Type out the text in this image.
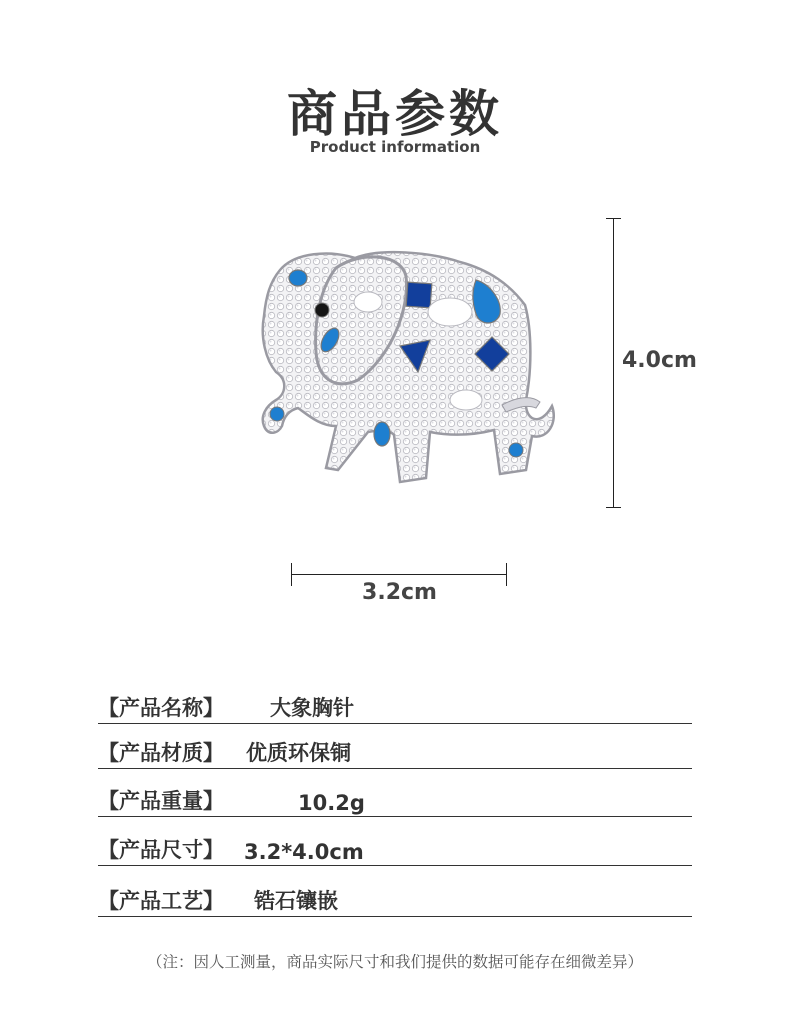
商品参数
Product information
4.0cm
3.2cm
【产品名称】 大象胸针
【产品材质】 优质环保铜
【产品重量】	10.2g
【产品尺寸】 3.2*4.0cm
【产品工艺】 锆石镶嵌
（注：因人工测量，商品实际尺寸和我们提供的数据可能存在细微差异）
